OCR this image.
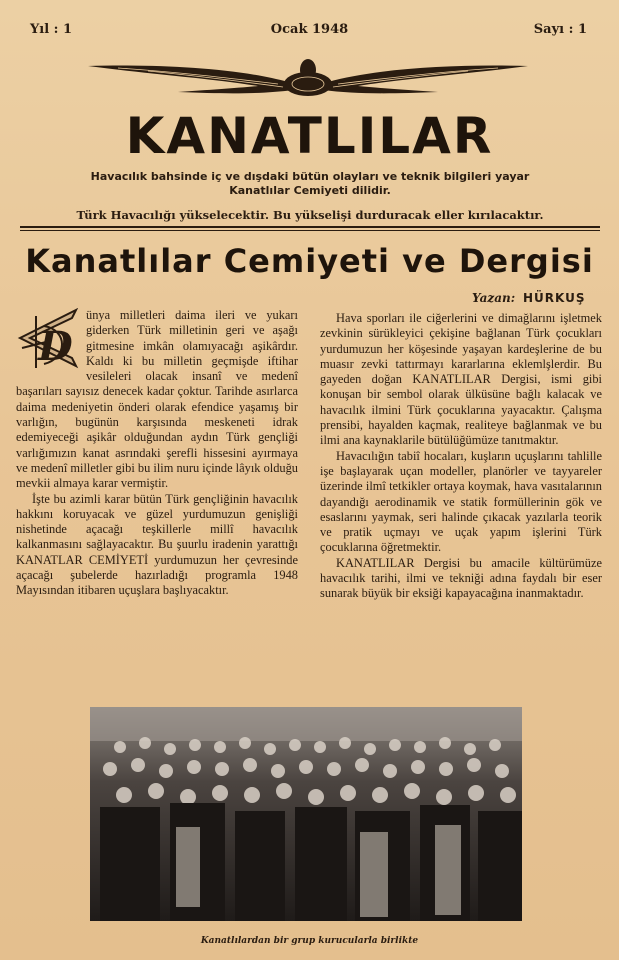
Yıl : 1	Ocak 1948	Sayı : 1
KANATLILAR
Havacılık bahsinde iç ve dışdaki bütün olayları ve teknik bilgileri yayar
Kanatlılar Cemiyeti dilidir.
Türk Havacılığı yükselecektir. Bu yükselişi durduracak eller kırılacaktır.
Kanatlılar Cemiyeti ve Dergisi
Yazan: HÜRKUŞ
D

ünya milletleri daima ileri ve yukarı giderken Türk milletinin geri ve aşağı gitmesine imkân olamıyacağı aşikârdır. Kaldı ki bu milletin geçmişde iftihar vesileleri olacak insanî ve medenî başarıları sayısız denecek kadar çoktur. Tarihde asırlarca daima medeniyetin önderi olarak efendice yaşamış bir varlığın, bugünün karşısında meskeneti idrak edemiyeceği aşikâr olduğundan aydın Türk gençliği varlığımızın kanat asrındaki şerefli hissesini ayırmaya ve medenî milletler gibi bu ilim nuru içinde lâyık olduğu mevkii almaya karar vermiştir.

İşte bu azimli karar bütün Türk gençliğinin havacılık hakkını koruyacak ve güzel yurdumuzun genişliği nishetinde açacağı teşkillerle millî havacılık kalkanmasını sağlayacaktır. Bu şuurlu iradenin yarattığı KANATLAR CEMİYETİ yurdumuzun her çevresinde açacağı şubelerde hazırladığı programla 1948 Mayısından itibaren uçuşlara başlıyacaktır.

Hava sporları ile ciğerlerini ve dimağlarını işletmek zevkinin sürükleyici çekişine bağlanan Türk çocukları yurdumuzun her köşesinde yaşayan kardeşlerine de bu muasır zevki tattırmayı kararlarına eklemlşlerdir. Bu gayeden doğan KANATLILAR Dergisi, ismi gibi konuşan bir sembol olarak ülküsüne bağlı kalacak ve havacılık ilmini Türk çocuklarına yayacaktır. Çalışma prensibi, hayalden kaçmak, realiteye bağlanmak ve bu ilmi ana kaynaklarile bütülüğümüze tanıtmaktır.

Havacılığın tabiî hocaları, kuşların uçuşlarını tahlille işe başlayarak uçan modeller, planörler ve tayyareler üzerinde ilmî tetkikler ortaya koymak, hava vasıtalarının dayandığı aerodinamik ve statik formüllerinin gök ve esaslarını yaymak, seri halinde çıkacak yazılarla teorik ve pratik uçmayı ve uçak yapım işlerini Türk çocuklarına öğretmektir.

KANATLILAR Dergisi bu amacile kültürümüze havacılık tarihi, ilmi ve tekniği adına faydalı bir eser sunarak büyük bir eksiği kapayacağına inanmaktadır.

Kanatlılardan bir grup kurucularla birlikte
